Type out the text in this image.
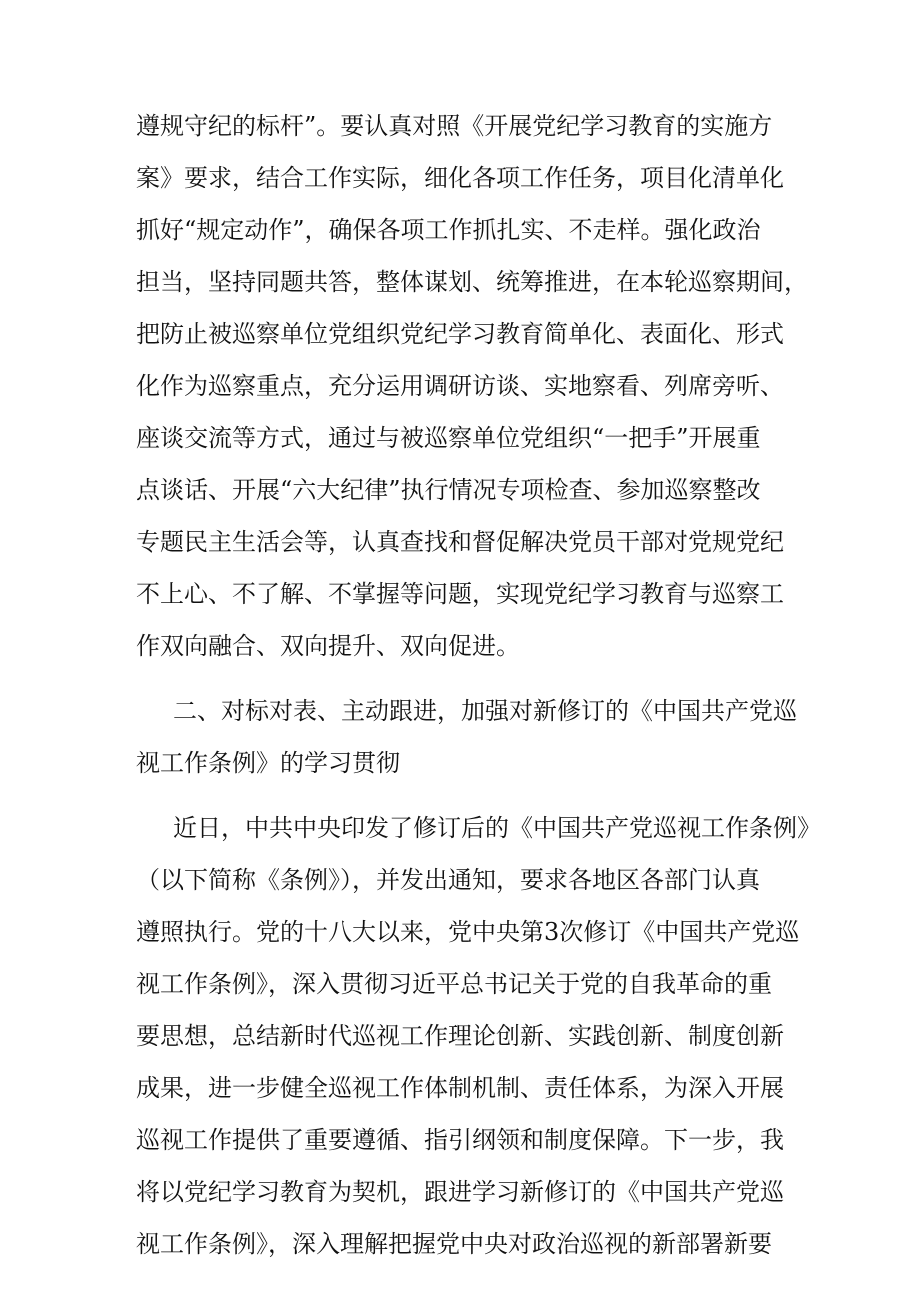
遵规守纪的标杆”。要认真对照《开展党纪学习教育的实施方
案》要求，结合工作实际，细化各项工作任务，项目化清单化
抓好“规定动作”，确保各项工作抓扎实、不走样。强化政治
担当，坚持同题共答，整体谋划、统筹推进，在本轮巡察期间，
把防止被巡察单位党组织党纪学习教育简单化、表面化、形式
化作为巡察重点，充分运用调研访谈、实地察看、列席旁听、
座谈交流等方式，通过与被巡察单位党组织“一把手”开展重
点谈话、开展“六大纪律”执行情况专项检查、参加巡察整改
专题民主生活会等，认真查找和督促解决党员干部对党规党纪
不上心、不了解、不掌握等问题，实现党纪学习教育与巡察工
作双向融合、双向提升、双向促进。
二、对标对表、主动跟进，加强对新修订的《中国共产党巡
视工作条例》的学习贯彻
近日，中共中央印发了修订后的《中国共产党巡视工作条例》
（以下简称《条例》），并发出通知，要求各地区各部门认真
遵照执行。党的十八大以来，党中央第3次修订《中国共产党巡
视工作条例》，深入贯彻习近平总书记关于党的自我革命的重
要思想，总结新时代巡视工作理论创新、实践创新、制度创新
成果，进一步健全巡视工作体制机制、责任体系，为深入开展
巡视工作提供了重要遵循、指引纲领和制度保障。下一步，我
将以党纪学习教育为契机，跟进学习新修订的《中国共产党巡
视工作条例》，深入理解把握党中央对政治巡视的新部署新要
